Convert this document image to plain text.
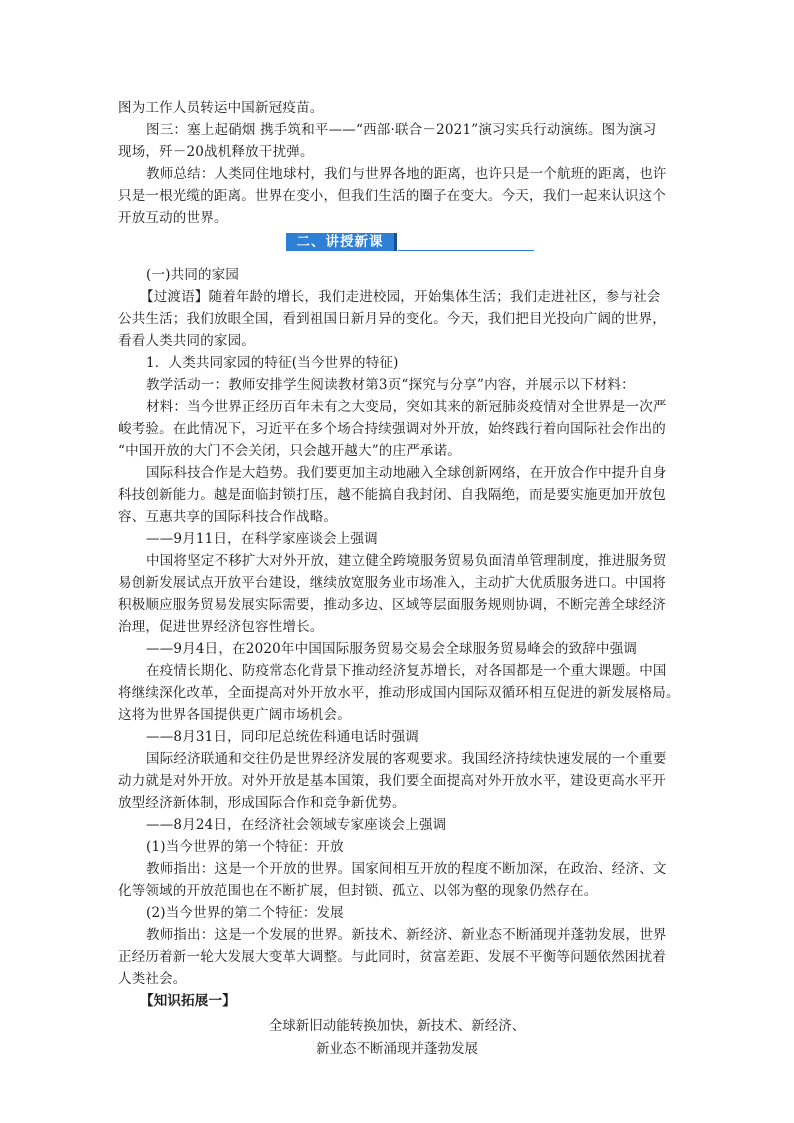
图为工作人员转运中国新冠疫苗。
图三：塞上起硝烟 携手筑和平——“西部·联合－2021”演习实兵行动演练。图为演习
现场，歼－20战机释放干扰弹。
教师总结：人类同住地球村，我们与世界各地的距离，也许只是一个航班的距离，也许
只是一根光缆的距离。世界在变小，但我们生活的圈子在变大。今天，我们一起来认识这个
开放互动的世界。
二、讲授新课
(一)共同的家园
【过渡语】随着年龄的增长，我们走进校园，开始集体生活；我们走进社区，参与社会
公共生活；我们放眼全国，看到祖国日新月异的变化。今天，我们把目光投向广阔的世界，
看看人类共同的家园。
1．人类共同家园的特征(当今世界的特征)
教学活动一：教师安排学生阅读教材第3页“探究与分享”内容，并展示以下材料：
材料：当今世界正经历百年未有之大变局，突如其来的新冠肺炎疫情对全世界是一次严
峻考验。在此情况下，习近平在多个场合持续强调对外开放，始终践行着向国际社会作出的
“中国开放的大门不会关闭，只会越开越大”的庄严承诺。
国际科技合作是大趋势。我们要更加主动地融入全球创新网络，在开放合作中提升自身
科技创新能力。越是面临封锁打压，越不能搞自我封闭、自我隔绝，而是要实施更加开放包
容、互惠共享的国际科技合作战略。
——9月11日，在科学家座谈会上强调
中国将坚定不移扩大对外开放，建立健全跨境服务贸易负面清单管理制度，推进服务贸
易创新发展试点开放平台建设，继续放宽服务业市场准入，主动扩大优质服务进口。中国将
积极顺应服务贸易发展实际需要，推动多边、区域等层面服务规则协调，不断完善全球经济
治理，促进世界经济包容性增长。
——9月4日，在2020年中国国际服务贸易交易会全球服务贸易峰会的致辞中强调
在疫情长期化、防疫常态化背景下推动经济复苏增长，对各国都是一个重大课题。中国
将继续深化改革，全面提高对外开放水平，推动形成国内国际双循环相互促进的新发展格局。
这将为世界各国提供更广阔市场机会。
——8月31日，同印尼总统佐科通电话时强调
国际经济联通和交往仍是世界经济发展的客观要求。我国经济持续快速发展的一个重要
动力就是对外开放。对外开放是基本国策，我们要全面提高对外开放水平，建设更高水平开
放型经济新体制，形成国际合作和竞争新优势。
——8月24日，在经济社会领域专家座谈会上强调
(1)当今世界的第一个特征：开放
教师指出：这是一个开放的世界。国家间相互开放的程度不断加深，在政治、经济、文
化等领域的开放范围也在不断扩展，但封锁、孤立、以邻为壑的现象仍然存在。
(2)当今世界的第二个特征：发展
教师指出：这是一个发展的世界。新技术、新经济、新业态不断涌现并蓬勃发展，世界
正经历着新一轮大发展大变革大调整。与此同时，贫富差距、发展不平衡等问题依然困扰着
人类社会。
【知识拓展一】
全球新旧动能转换加快，新技术、新经济、
新业态不断涌现并蓬勃发展
